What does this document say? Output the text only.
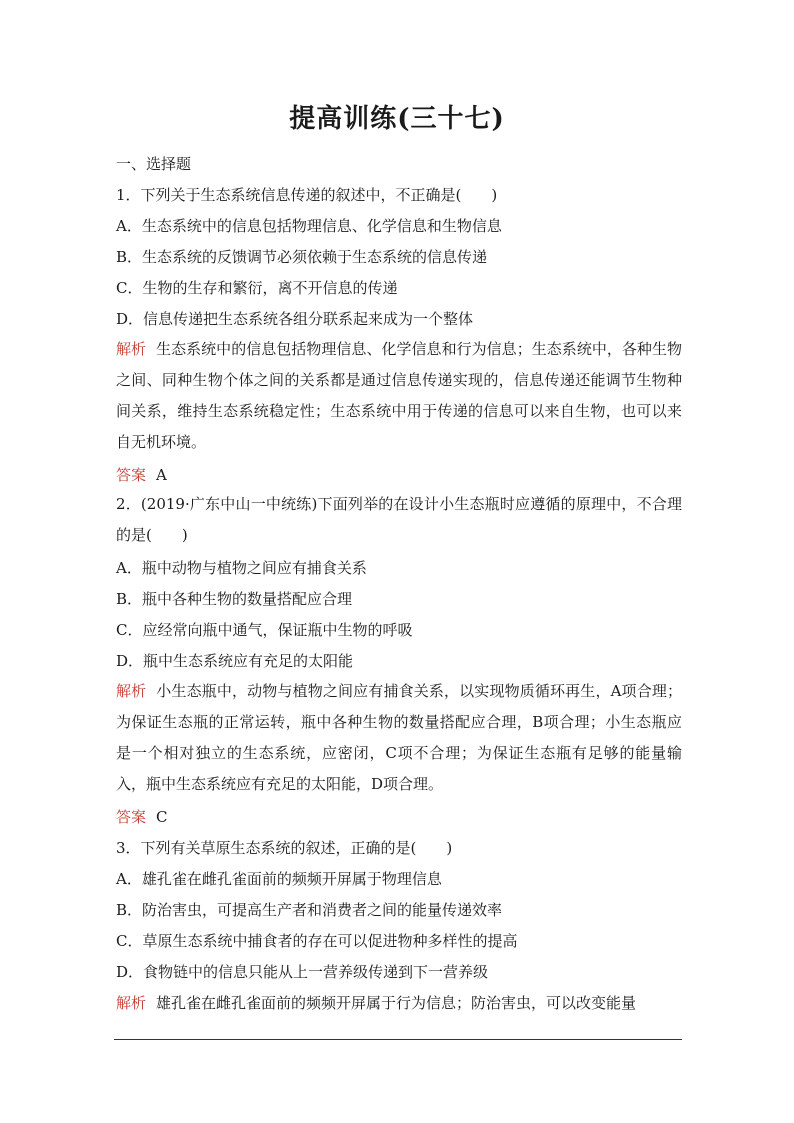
提高训练(三十七)
一、选择题
1．下列关于生态系统信息传递的叙述中，不正确是(　　)
A．生态系统中的信息包括物理信息、化学信息和生物信息
B．生态系统的反馈调节必须依赖于生态系统的信息传递
C．生物的生存和繁衍，离不开信息的传递
D．信息传递把生态系统各组分联系起来成为一个整体
解析 生态系统中的信息包括物理信息、化学信息和行为信息；生态系统中，各种生物之间、同种生物个体之间的关系都是通过信息传递实现的，信息传递还能调节生物种间关系，维持生态系统稳定性；生态系统中用于传递的信息可以来自生物，也可以来自无机环境。
答案 A
2．(2019·广东中山一中统练)下面列举的在设计小生态瓶时应遵循的原理中，不合理的是(　　)
A．瓶中动物与植物之间应有捕食关系
B．瓶中各种生物的数量搭配应合理
C．应经常向瓶中通气，保证瓶中生物的呼吸
D．瓶中生态系统应有充足的太阳能
解析 小生态瓶中，动物与植物之间应有捕食关系，以实现物质循环再生，A项合理；为保证生态瓶的正常运转，瓶中各种生物的数量搭配应合理，B项合理；小生态瓶应是一个相对独立的生态系统，应密闭，C项不合理；为保证生态瓶有足够的能量输入，瓶中生态系统应有充足的太阳能，D项合理。
答案 C
3．下列有关草原生态系统的叙述，正确的是(　　)
A．雄孔雀在雌孔雀面前的频频开屏属于物理信息
B．防治害虫，可提高生产者和消费者之间的能量传递效率
C．草原生态系统中捕食者的存在可以促进物种多样性的提高
D．食物链中的信息只能从上一营养级传递到下一营养级
解析 雄孔雀在雌孔雀面前的频频开屏属于行为信息；防治害虫，可以改变能量
